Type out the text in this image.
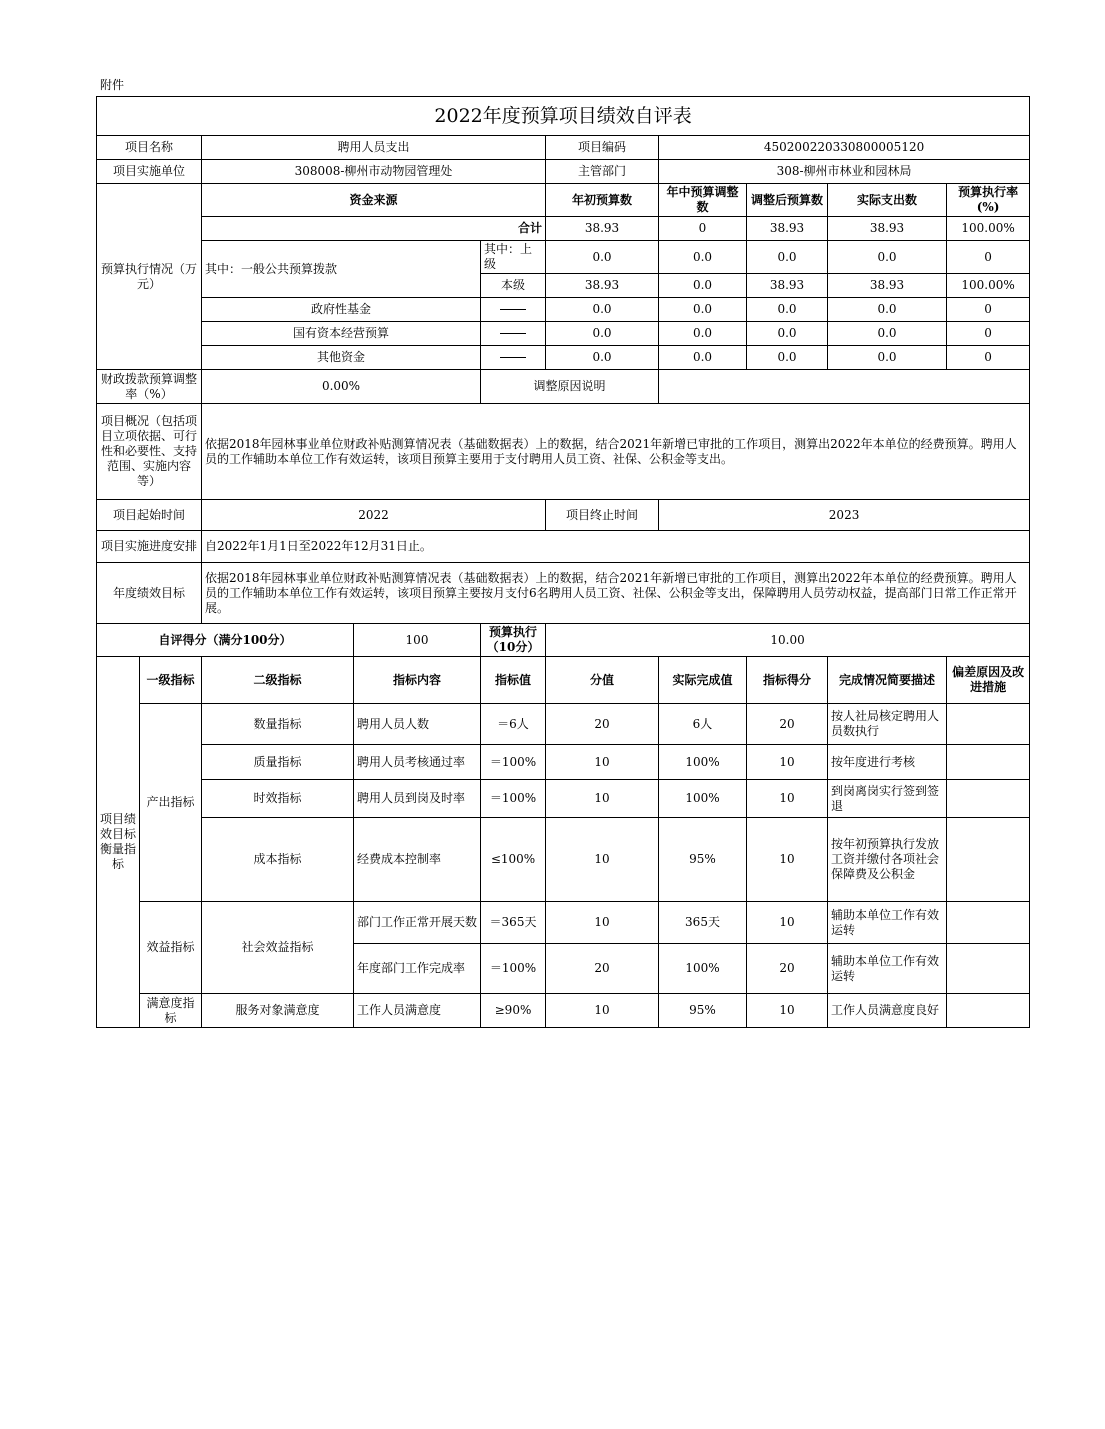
附件
2022年度预算项目绩效自评表									
项目名称		聘用人员支出			项目编码	450200220330800005120			
项目实施单位		308008-柳州市动物园管理处			主管部门	308-柳州市林业和园林局			
预算执行情况（万元）		资金来源			年初预算数	年中预算调整数	调整后预算数	实际支出数	预算执行率(%)
		合计			38.93	0	38.93	38.93	100.00%
		其中：一般公共预算拨款		其中：上级	0.0	0.0	0.0	0.0	0
				本级	38.93	0.0	38.93	38.93	100.00%
		政府性基金			0.0	0.0	0.0	0.0	0
		国有资本经营预算			0.0	0.0	0.0	0.0	0
		其他资金			0.0	0.0	0.0	0.0	0
财政拨款预算调整率（%）		0.00%		调整原因说明					
项目概况（包括项目立项依据、可行性和必要性、支持范围、实施内容等）		依据2018年园林事业单位财政补贴测算情况表（基础数据表）上的数据，结合2021年新增已审批的工作项目，测算出2022年本单位的经费预算。聘用人员的工作辅助本单位工作有效运转，该项目预算主要用于支付聘用人员工资、社保、公积金等支出。							
项目起始时间		2022			项目终止时间	2023			
项目实施进度安排		自2022年1月1日至2022年12月31日止。							
年度绩效目标		依据2018年园林事业单位财政补贴测算情况表（基础数据表）上的数据，结合2021年新增已审批的工作项目，测算出2022年本单位的经费预算。聘用人员的工作辅助本单位工作有效运转，该项目预算主要按月支付6名聘用人员工资、社保、公积金等支出，保障聘用人员劳动权益，提高部门日常工作正常开展。							
自评得分（满分100分）			100	预算执行（10分）	10.00				
项目绩效目标衡量指标	一级指标	二级指标	指标内容	指标值	分值	实际完成值	指标得分	完成情况简要描述	偏差原因及改进措施
	产出指标	数量指标	聘用人员人数	＝6人	20	6人	20	按人社局核定聘用人员数执行	
		质量指标	聘用人员考核通过率	＝100%	10	100%	10	按年度进行考核	
		时效指标	聘用人员到岗及时率	＝100%	10	100%	10	到岗离岗实行签到签退	
		成本指标	经费成本控制率	≤100%	10	95%	10	按年初预算执行发放工资并缴付各项社会保障费及公积金	
	效益指标	社会效益指标	部门工作正常开展天数	＝365天	10	365天	10	辅助本单位工作有效运转	
			年度部门工作完成率	＝100%	20	100%	20	辅助本单位工作有效运转	
	满意度指标	服务对象满意度	工作人员满意度	≥90%	10	95%	10	工作人员满意度良好	
